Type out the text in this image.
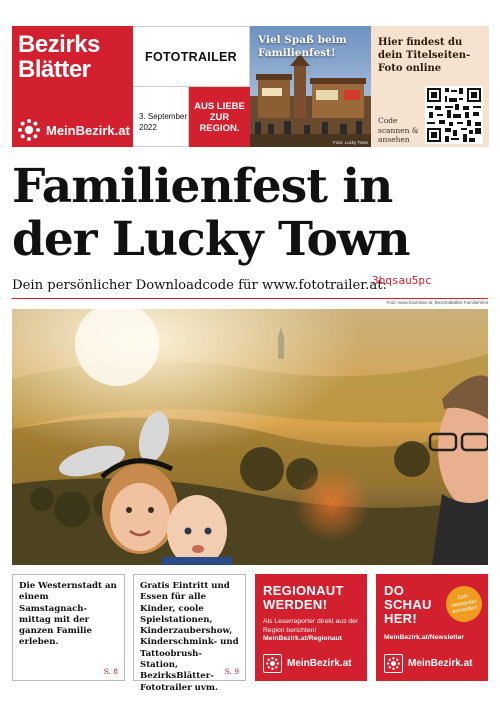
Bezirks
Blätter
MeinBezirk.at
FOTOTRAILER
3. September 2022
AUS LIEBE ZUR REGION.
Viel Spaß beim Familienfest!
Foto: Lucky Town
Hier findest du dein Titelseiten-Foto online
Code scannen & ansehen
Familienfest in der Lucky Town
Dein persönlicher Downloadcode für www.fototrailer.at:
3bqsau5pc
Foto: www.fototrailer.at, BezirksBlätter Familienfest
Die Westernstadt an einem Samstagnach-mittag mit der ganzen Familie erleben.
S. 8
Gratis Eintritt und Essen für alle Kinder, coole Spielstationen, Kinderzaubershow, Kinderschmink- und Tattoobrush-Station, BezirksBlätter-Fototrailer uvm.
S. 9
REGIONAUT WERDEN!
Als Leserreporter direkt aus der Region berichten!
MeinBezirk.at/Regionaut
MeinBezirk.at
DO SCHAU HER!
Zum Newsletter anmelden!
MeinBezirk.at/Newsletter
MeinBezirk.at
